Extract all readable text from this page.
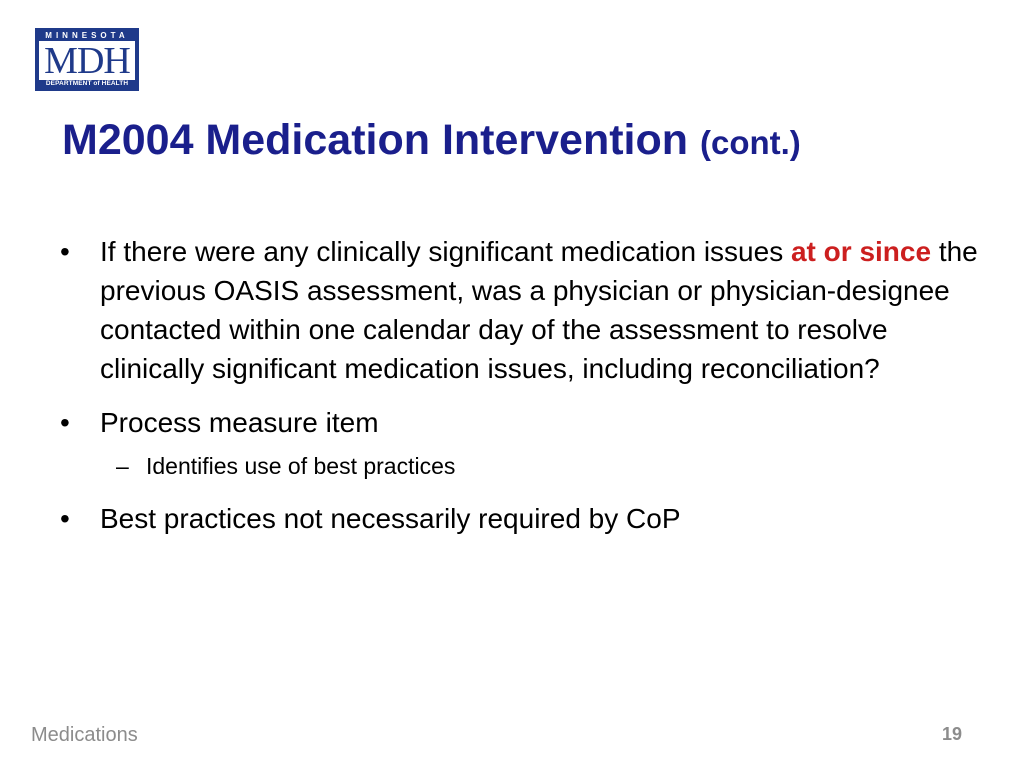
MINNESOTA
MDH
DEPARTMENT of HEALTH
M2004 Medication Intervention (cont.)
•	If there were any clinically significant medication issues at or since the previous OASIS assessment, was a physician or physician-designee contacted within one calendar day of the assessment to resolve clinically significant medication issues, including reconciliation?
•	Process measure item
– Identifies use of best practices
•	Best practices not necessarily required by CoP
Medications	19
